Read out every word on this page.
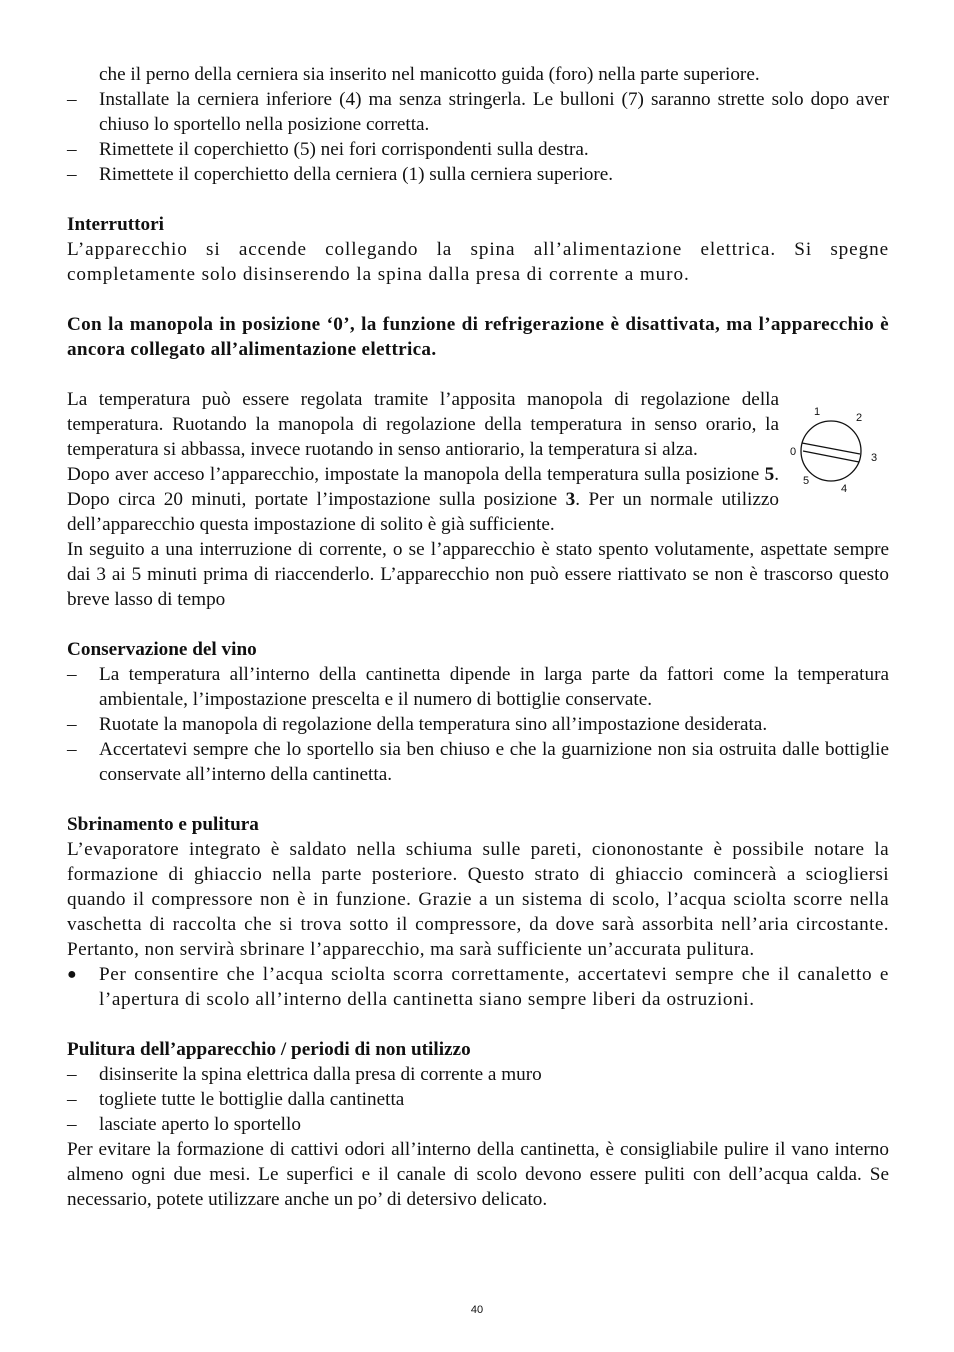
che il perno della cerniera sia inserito nel manicotto guida (foro) nella parte superiore.

–	Installate la cerniera inferiore (4) ma senza stringerla. Le bulloni (7) saranno strette solo dopo aver chiuso lo sportello nella posizione corretta.
–	Rimettete il coperchietto (5) nei fori corrispondenti sulla destra.
–	Rimettete il coperchietto della cerniera (1) sulla cerniera superiore.

Interruttori

L’apparecchio si accende collegando la spina all’alimentazione elettrica. Si spegne completamente solo disinserendo la spina dalla presa di corrente a muro.

Con la manopola in posizione ‘0’, la funzione di refrigerazione è disattivata, ma l’apparecchio è ancora collegato all’alimentazione elettrica.

0
1	2
3
4
5

La temperatura può essere regolata tramite l’apposita manopola di regolazione della temperatura. Ruotando la manopola di regolazione della temperatura in senso orario, la temperatura si abbassa, invece ruotando in senso antiorario, la temperatura si alza.

Dopo aver acceso l’apparecchio, impostate la manopola della temperatura sulla posizione 5. Dopo circa 20 minuti, portate l’impostazione sulla posizione 3. Per un normale utilizzo dell’apparecchio questa impostazione di solito è già sufficiente.

In seguito a una interruzione di corrente, o se l’apparecchio è stato spento volutamente, aspettate sempre dai 3 ai 5 minuti prima di riaccenderlo. L’apparecchio non può essere riattivato se non è trascorso questo breve lasso di tempo

Conservazione del vino

–	La temperatura all’interno della cantinetta dipende in larga parte da fattori come la temperatura ambientale, l’impostazione prescelta e il numero di bottiglie conservate.
–	Ruotate la manopola di regolazione della temperatura sino all’impostazione desiderata.
–	Accertatevi sempre che lo sportello sia ben chiuso e che la guarnizione non sia ostruita dalle bottiglie conservate all’interno della cantinetta.

Sbrinamento e pulitura

L’evaporatore integrato è saldato nella schiuma sulle pareti, ciononostante è possibile notare la formazione di ghiaccio nella parte posteriore. Questo strato di ghiaccio comincerà a sciogliersi quando il compressore non è in funzione. Grazie a un sistema di scolo, l’acqua sciolta scorre nella vaschetta di raccolta che si trova sotto il compressore, da dove sarà assorbita nell’aria circostante. Pertanto, non servirà sbrinare l’apparecchio, ma sarà sufficiente un’accurata pulitura.

●	Per consentire che l’acqua sciolta scorra correttamente, accertatevi sempre che il canaletto e l’apertura di scolo all’interno della cantinetta siano sempre liberi da ostruzioni.

Pulitura dell’apparecchio / periodi di non utilizzo

–	disinserite la spina elettrica dalla presa di corrente a muro
–	togliete tutte le bottiglie dalla cantinetta
–	lasciate aperto lo sportello

Per evitare la formazione di cattivi odori all’interno della cantinetta, è consigliabile pulire il vano interno almeno ogni due mesi. Le superfici e il canale di scolo devono essere puliti con dell’acqua calda. Se necessario, potete utilizzare anche un po’ di detersivo delicato.

40
